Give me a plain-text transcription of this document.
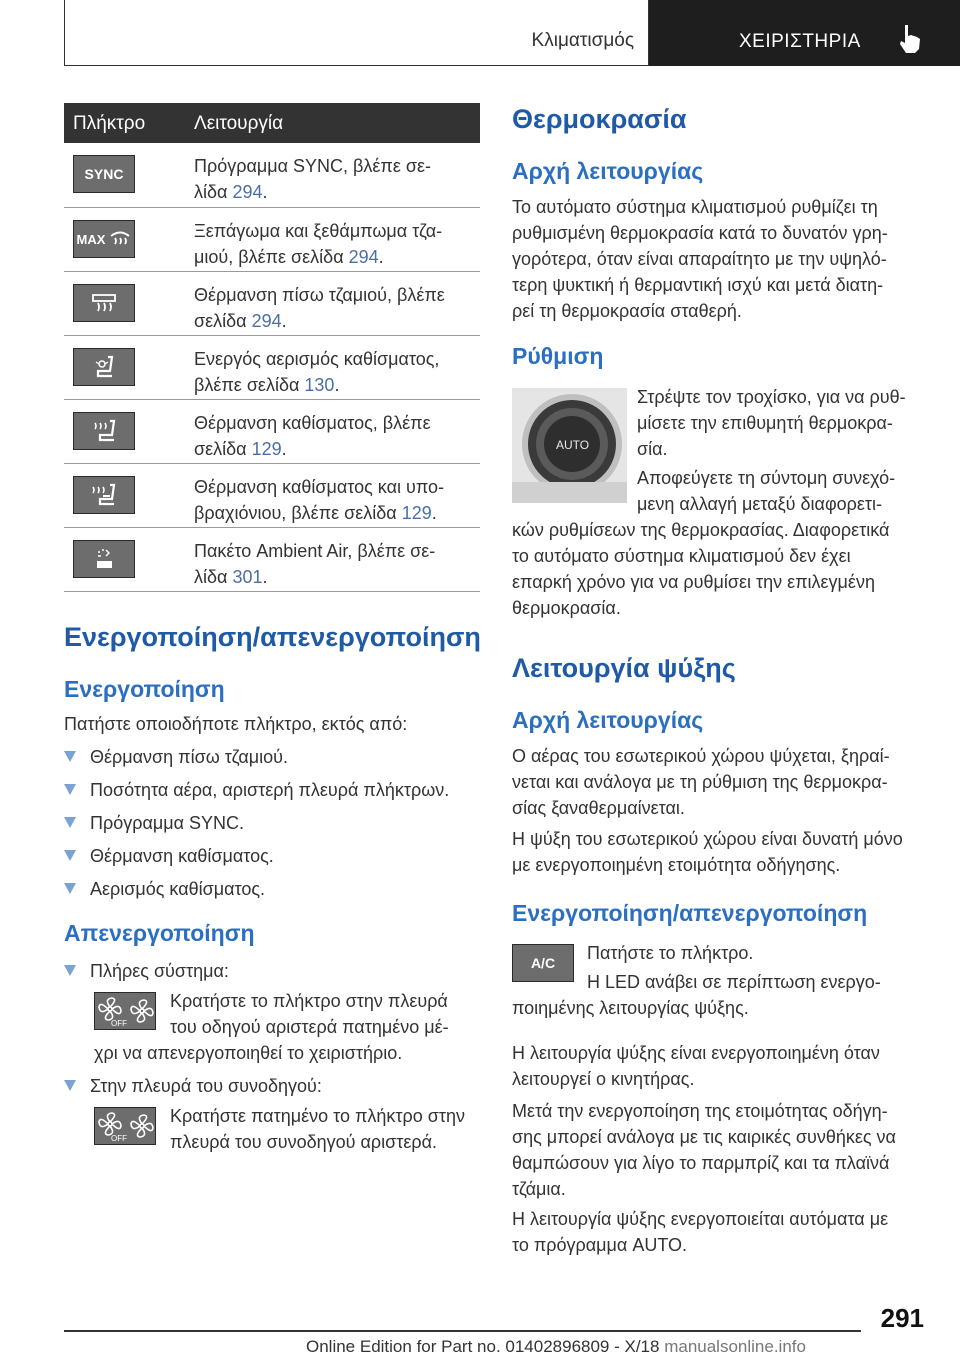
Κλιματισμός	ΧΕΙΡΙΣΤΗΡΙΑ
Πλήκτρο	Λειτουργία
SYNC	Πρόγραμμα SYNC, βλέπε σε-
λίδα 294.
MAX	Ξεπάγωμα και ξεθάμπωμα τζα-
μιού, βλέπε σελίδα 294.
Θέρμανση πίσω τζαμιού, βλέπε
σελίδα 294.
Ενεργός αερισμός καθίσματος,
βλέπε σελίδα 130.
Θέρμανση καθίσματος, βλέπε
σελίδα 129.
Θέρμανση καθίσματος και υπο-
βραχιόνιου, βλέπε σελίδα 129.
Πακέτο Ambient Air, βλέπε σε-
λίδα 301.
Ενεργοποίηση/απενεργοποίηση
Ενεργοποίηση
Πατήστε οποιοδήποτε πλήκτρο, εκτός από:
Θέρμανση πίσω τζαμιού.
Ποσότητα αέρα, αριστερή πλευρά πλήκτρων.
Πρόγραμμα SYNC.
Θέρμανση καθίσματος.
Αερισμός καθίσματος.
Απενεργοποίηση
Πλήρες σύστημα:
OFF
Κρατήστε το πλήκτρο στην πλευρά
του οδηγού αριστερά πατημένο μέ-
χρι να απενεργοποιηθεί το χειριστήριο.
Στην πλευρά του συνοδηγού:
OFF
Κρατήστε πατημένο το πλήκτρο στην
πλευρά του συνοδηγού αριστερά.
Θερμοκρασία
Αρχή λειτουργίας
Το αυτόματο σύστημα κλιματισμού ρυθμίζει τη
ρυθμισμένη θερμοκρασία κατά το δυνατόν γρη-
γορότερα, όταν είναι απαραίτητο με την υψηλό-
τερη ψυκτική ή θερμαντική ισχύ και μετά διατη-
ρεί τη θερμοκρασία σταθερή.
Ρύθμιση
AUTO
Στρέψτε τον τροχίσκο, για να ρυθ-
μίσετε την επιθυμητή θερμοκρα-
σία.
Αποφεύγετε τη σύντομη συνεχό-
μενη αλλαγή μεταξύ διαφορετι-
κών ρυθμίσεων της θερμοκρασίας. Διαφορετικά
το αυτόματο σύστημα κλιματισμού δεν έχει
επαρκή χρόνο για να ρυθμίσει την επιλεγμένη
θερμοκρασία.
Λειτουργία ψύξης
Αρχή λειτουργίας
Ο αέρας του εσωτερικού χώρου ψύχεται, ξηραί-
νεται και ανάλογα με τη ρύθμιση της θερμοκρα-
σίας ξαναθερμαίνεται.
Η ψύξη του εσωτερικού χώρου είναι δυνατή μόνο
με ενεργοποιημένη ετοιμότητα οδήγησης.
Ενεργοποίηση/απενεργοποίηση
A/C Πατήστε το πλήκτρο.
Η LED ανάβει σε περίπτωση ενεργο-
ποιημένης λειτουργίας ψύξης.
Η λειτουργία ψύξης είναι ενεργοποιημένη όταν
λειτουργεί ο κινητήρας.
Μετά την ενεργοποίηση της ετοιμότητας οδήγη-
σης μπορεί ανάλογα με τις καιρικές συνθήκες να
θαμπώσουν για λίγο το παρμπρίζ και τα πλαϊνά
τζάμια.
Η λειτουργία ψύξης ενεργοποιείται αυτόματα με
το πρόγραμμα AUTO.
291
Online Edition for Part no. 01402896809 - X/18 manualsonline.info
